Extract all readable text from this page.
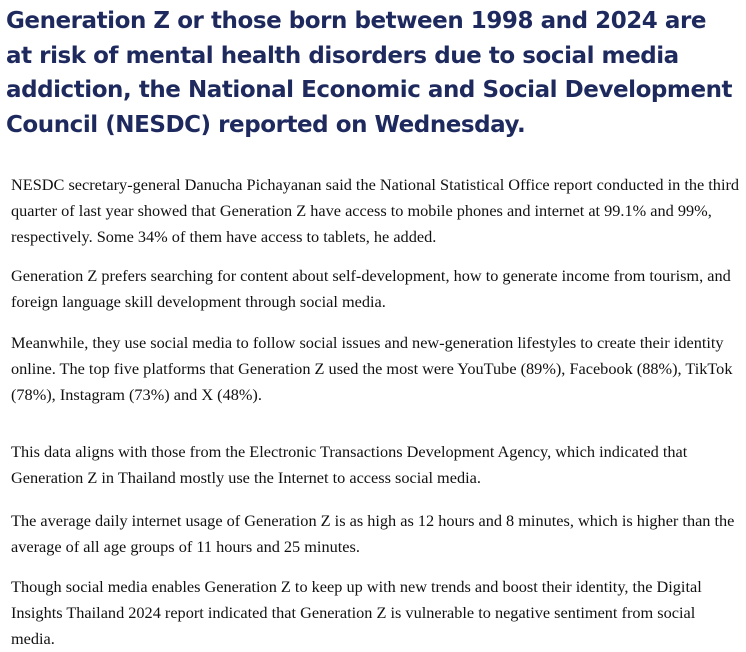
Generation Z or those born between 1998 and 2024 are at risk of mental health disorders due to social media addiction, the National Economic and Social Development Council (NESDC) reported on Wednesday.

NESDC secretary-general Danucha Pichayanan said the National Statistical Office report conducted in the third quarter of last year showed that Generation Z have access to mobile phones and internet at 99.1% and 99%, respectively. Some 34% of them have access to tablets, he added.

Generation Z prefers searching for content about self-development, how to generate income from tourism, and foreign language skill development through social media.

Meanwhile, they use social media to follow social issues and new-generation lifestyles to create their identity online. The top five platforms that Generation Z used the most were YouTube (89%), Facebook (88%), TikTok (78%), Instagram (73%) and X (48%).

This data aligns with those from the Electronic Transactions Development Agency, which indicated that Generation Z in Thailand mostly use the Internet to access social media.

The average daily internet usage of Generation Z is as high as 12 hours and 8 minutes, which is higher than the average of all age groups of 11 hours and 25 minutes.

Though social media enables Generation Z to keep up with new trends and boost their identity, the Digital Insights Thailand 2024 report indicated that Generation Z is vulnerable to negative sentiment from social media.
